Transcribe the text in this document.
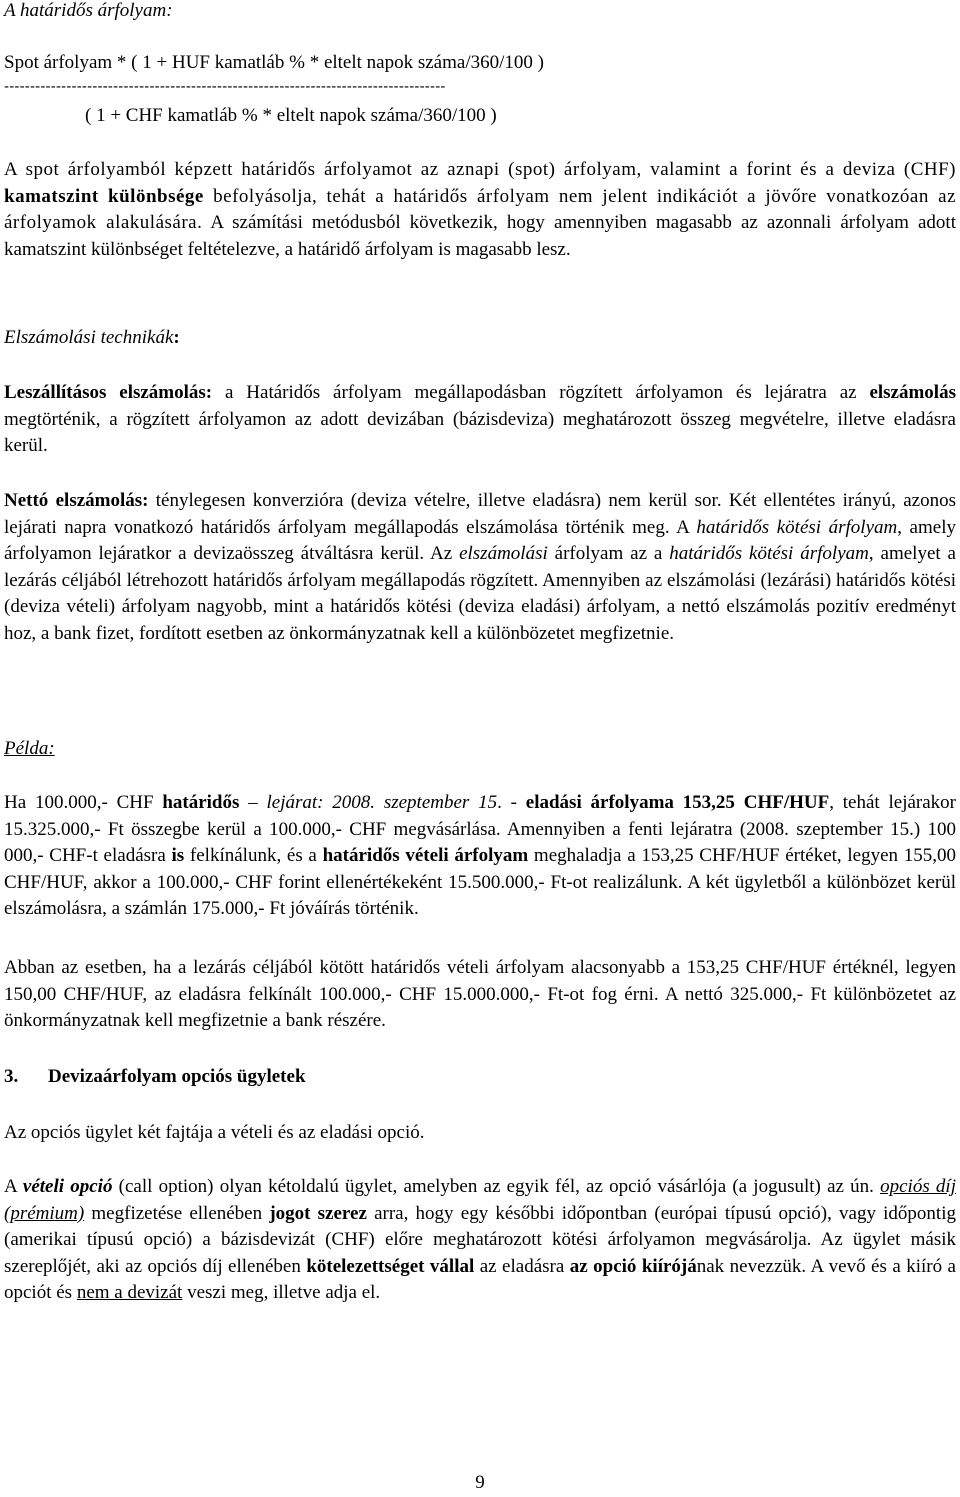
A határidős árfolyam:

Spot árfolyam * ( 1 + HUF kamatláb % * eltelt napok száma/360/100 )

-------------------------------------------------------------------------------------

( 1 + CHF kamatláb % * eltelt napok száma/360/100 )

A spot árfolyamból képzett határidős árfolyamot az aznapi (spot) árfolyam, valamint a forint és a deviza (CHF) kamatszint különbsége befolyásolja, tehát a határidős árfolyam nem jelent indikációt a jövőre vonatkozóan az árfolyamok alakulására. A számítási metódusból következik, hogy amennyiben magasabb az azonnali árfolyam adott kamatszint különbséget feltételezve, a határidő árfolyam is magasabb lesz.

Elszámolási technikák:

Leszállításos elszámolás: a Határidős árfolyam megállapodásban rögzített árfolyamon és lejáratra az elszámolás megtörténik, a rögzített árfolyamon az adott devizában (bázisdeviza) meghatározott összeg megvételre, illetve eladásra kerül.

Nettó elszámolás: ténylegesen konverzióra (deviza vételre, illetve eladásra) nem kerül sor. Két ellentétes irányú, azonos lejárati napra vonatkozó határidős árfolyam megállapodás elszámolása történik meg. A határidős kötési árfolyam, amely árfolyamon lejáratkor a devizaösszeg átváltásra kerül. Az elszámolási árfolyam az a határidős kötési árfolyam, amelyet a lezárás céljából létrehozott határidős árfolyam megállapodás rögzített. Amennyiben az elszámolási (lezárási) határidős kötési (deviza vételi) árfolyam nagyobb, mint a határidős kötési (deviza eladási) árfolyam, a nettó elszámolás pozitív eredményt hoz, a bank fizet, fordított esetben az önkormányzatnak kell a különbözetet megfizetnie.

Példa:

Ha 100.000,- CHF határidős – lejárat: 2008. szeptember 15. - eladási árfolyama 153,25 CHF/HUF, tehát lejárakor 15.325.000,- Ft összegbe kerül a 100.000,- CHF megvásárlása. Amennyiben a fenti lejáratra (2008. szeptember 15.) 100 000,- CHF-t eladásra is felkínálunk, és a határidős vételi árfolyam meghaladja a 153,25 CHF/HUF értéket, legyen 155,00 CHF/HUF, akkor a 100.000,- CHF forint ellenértékeként 15.500.000,- Ft-ot realizálunk. A két ügyletből a különbözet kerül elszámolásra, a számlán 175.000,- Ft jóváírás történik.

Abban az esetben, ha a lezárás céljából kötött határidős vételi árfolyam alacsonyabb a 153,25 CHF/HUF értéknél, legyen 150,00 CHF/HUF, az eladásra felkínált 100.000,- CHF 15.000.000,- Ft-ot fog érni. A nettó 325.000,- Ft különbözetet az önkormányzatnak kell megfizetnie a bank részére.

3. Devizaárfolyam opciós ügyletek

Az opciós ügylet két fajtája a vételi és az eladási opció.

A vételi opció (call option) olyan kétoldalú ügylet, amelyben az egyik fél, az opció vásárlója (a jogusult) az ún. opciós díj (prémium) megfizetése ellenében jogot szerez arra, hogy egy későbbi időpontban (európai típusú opció), vagy időpontig (amerikai típusú opció) a bázisdevizát (CHF) előre meghatározott kötési árfolyamon megvásárolja. Az ügylet másik szereplőjét, aki az opciós díj ellenében kötelezettséget vállal az eladásra az opció kiírójának nevezzük. A vevő és a kiíró a opciót és nem a devizát veszi meg, illetve adja el.

9
